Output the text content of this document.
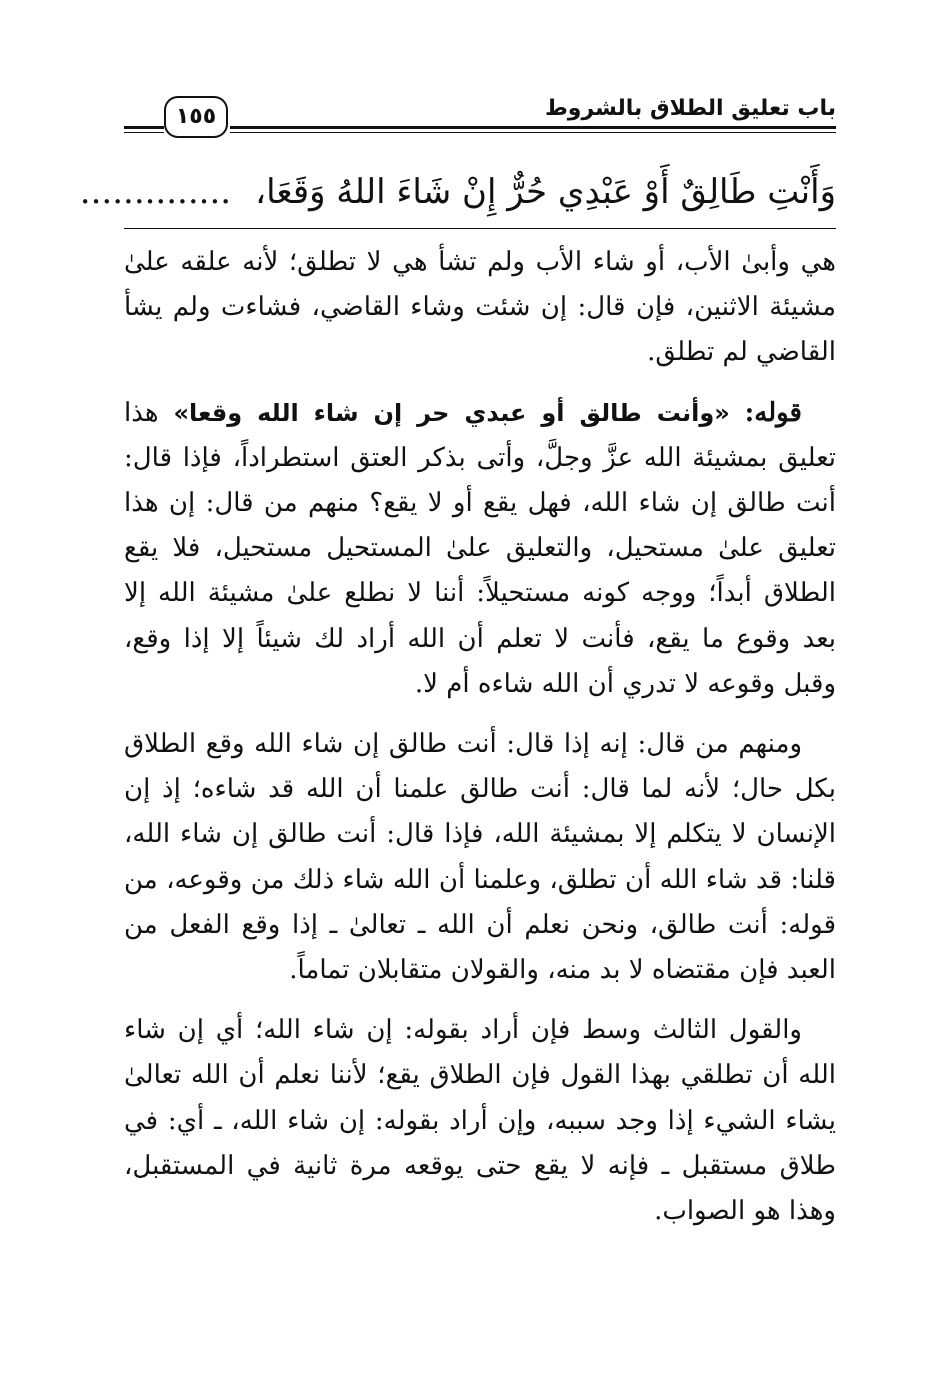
باب تعليق الطلاق بالشروط
١٥٥
وَأَنْتِ طَالِقٌ أَوْ عَبْدِي حُرٌّ إِنْ شَاءَ اللهُ وَقَعَا،..............

هي وأبىٰ الأب، أو شاء الأب ولم تشأ هي لا تطلق؛ لأنه علقه علىٰ مشيئة الاثنين، فإن قال: إن شئت وشاء القاضي، فشاءت ولم يشأ القاضي لم تطلق.

قوله: «وأنت طالق أو عبدي حر إن شاء الله وقعا» هذا تعليق بمشيئة الله عزَّ وجلَّ، وأتى بذكر العتق استطراداً، فإذا قال: أنت طالق إن شاء الله، فهل يقع أو لا يقع؟ منهم من قال: إن هذا تعليق علىٰ مستحيل، والتعليق علىٰ المستحيل مستحيل، فلا يقع الطلاق أبداً؛ ووجه كونه مستحيلاً: أننا لا نطلع علىٰ مشيئة الله إلا بعد وقوع ما يقع، فأنت لا تعلم أن الله أراد لك شيئاً إلا إذا وقع، وقبل وقوعه لا تدري أن الله شاءه أم لا.

ومنهم من قال: إنه إذا قال: أنت طالق إن شاء الله وقع الطلاق بكل حال؛ لأنه لما قال: أنت طالق علمنا أن الله قد شاءه؛ إذ إن الإنسان لا يتكلم إلا بمشيئة الله، فإذا قال: أنت طالق إن شاء الله، قلنا: قد شاء الله أن تطلق، وعلمنا أن الله شاء ذلك من وقوعه، من قوله: أنت طالق، ونحن نعلم أن الله ـ تعالىٰ ـ إذا وقع الفعل من العبد فإن مقتضاه لا بد منه، والقولان متقابلان تماماً.

والقول الثالث وسط فإن أراد بقوله: إن شاء الله؛ أي إن شاء الله أن تطلقي بهذا القول فإن الطلاق يقع؛ لأننا نعلم أن الله تعالىٰ يشاء الشيء إذا وجد سببه، وإن أراد بقوله: إن شاء الله، ـ أي: في طلاق مستقبل ـ فإنه لا يقع حتى يوقعه مرة ثانية في المستقبل، وهذا هو الصواب.
